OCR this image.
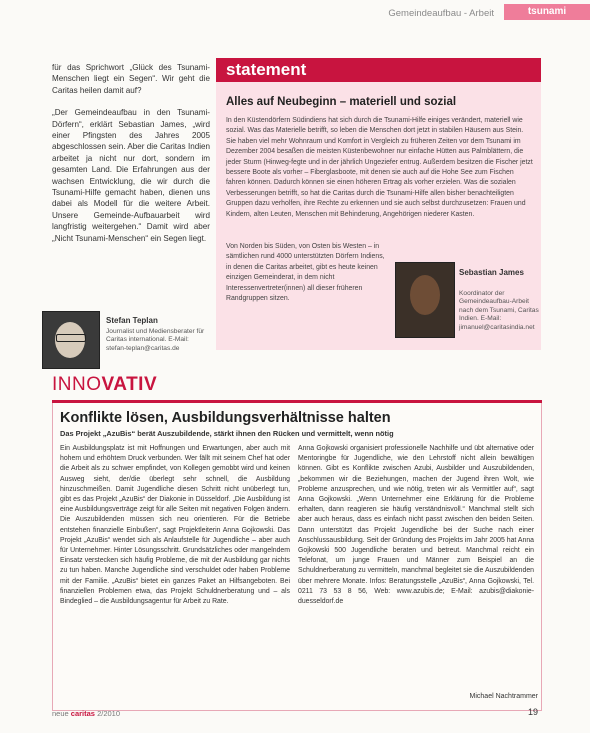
Gemeindeaufbau - Arbeit	tsunami

für das Sprichwort „Glück des Tsunami-Menschen liegt ein Segen“. Wir geht die Caritas heilen damit auf?

„Der Gemeindeaufbau in den Tsunami-Dörfern“, erklärt Sebastian James, „wird einer Pfingsten des Jahres 2005 abgeschlossen sein. Aber die Caritas Indien arbeitet ja nicht nur dort, sondern im gesamten Land. Die Erfahrungen aus der wachsen Entwicklung, die wir durch die Tsunami-Hilfe gemacht haben, dienen uns dabei als Modell für die weitere Arbeit. Unsere Gemeinde-Aufbauarbeit wird langfristig weitergehen.“ Damit wird aber „Nicht Tsunami-Menschen“ ein Segen liegt.

Stefan Teplan
Journalist und Mediensberater für Caritas international. E-Mail: stefan-teplan@caritas.de
statement
Alles auf Neubeginn – materiell und sozial

In den Küstendörfern Südindiens hat sich durch die Tsunami-Hilfe einiges verändert, materiell wie sozial. Was das Materielle betrifft, so leben die Menschen dort jetzt in stabilen Häusern aus Stein. Sie haben viel mehr Wohnraum und Komfort in Vergleich zu früheren Zeiten vor dem Tsunami im Dezember 2004 besaßen die meisten Küstenbewohner nur einfache Hütten aus Palmblättern, die jeder Sturm (Hinweg-fegte und in der jährlich Ungeziefer entrug. Außerdem besitzen die Fischer jetzt bessere Boote als vorher – Fiberglasboote, mit denen sie auch auf die Hohe See zum Fischen fahren können. Dadurch können sie einen höheren Ertrag als vorher erzielen. Was die sozialen Verbesserungen betrifft, so hat die Caritas durch die Tsunami-Hilfe allen bisher benachteiligten Gruppen dazu verholfen, ihre Rechte zu erkennen und sie auch selbst durchzusetzen: Frauen und Kindern, alten Leuten, Menschen mit Behinderung, Angehörigen niederer Kasten.

Von Norden bis Süden, von Osten bis Westen – in sämtlichen rund 4000 unterstützten Dörfern Indiens, in denen die Caritas arbeitet, gibt es heute keinen einzigen Gemeinderat, in dem nicht Interessenvertreter(innen) all dieser früheren Randgruppen sitzen.
Sebastian James
Koordinator der Gemeindeaufbau-Arbeit nach dem Tsunami, Caritas Indien. E-Mail: jimanuel@caritasindia.net
INNOVATIV
Konflikte lösen, Ausbildungsverhältnisse halten
Das Projekt „AzuBis“ berät Auszubildende, stärkt ihnen den Rücken und vermittelt, wenn nötig

Ein Ausbildungsplatz ist mit Hoffnungen und Erwartungen, aber auch mit hohem und erhöhtem Druck verbunden. Wer fällt mit seinem Chef hat oder die Arbeit als zu schwer empfindet, von Kollegen gemobbt wird und keinen Ausweg sieht, der/die überlegt sehr schnell, die Ausbildung hinzuschmeißen. Damit Jugendliche diesen Schritt nicht unüberlegt tun, gibt es das Projekt „AzuBis“ der Diakonie in Düsseldorf. „Die Ausbildung ist eine Ausbildungsverträge zeigt für alle Seiten mit negativen Folgen ändern. Die Auszubildenden müssen sich neu orientieren. Für die Betriebe entstehen finanzielle Einbußen“, sagt Projektleiterin Anna Gojkowski. Das Projekt „AzuBis“ wendet sich als Anlaufstelle für Jugendliche – aber auch für Unternehmer. Hinter Lösungsschritt. Grundsätzliches oder mangelndem Einsatz verstecken sich häufig Probleme, die mit der Ausbildung gar nichts zu tun haben. Manche Jugendliche sind verschuldet oder haben Probleme mit der Familie. „AzuBis“ bietet ein ganzes Paket an Hilfsangeboten. Bei finanziellen Problemen etwa, das Projekt Schuldnerberatung und – als Bindeglied – die Ausbildungsagentur für Arbeit zu Rate.

Anna Gojkowski organisiert professionelle Nachhilfe und übt alternative oder Mentoringbe für Jugendliche, wie den Lehrstoff nicht allein bewältigen können. Gibt es Konflikte zwischen Azubi, Ausbilder und Auszubildenden, „bekommen wir die Beziehungen, machen der Jugend ihren Wolt, wie Probleme anzusprechen, und wie nötig, treten wir als Vermittler auf“, sagt Anna Gojkowski. „Wenn Unternehmer eine Erklärung für die Probleme erhalten, dann reagieren sie häufig verständnisvoll.“ Manchmal stellt sich aber auch heraus, dass es einfach nicht passt zwischen den beiden Seiten. Dann unterstützt das Projekt Jugendliche bei der Suche nach einer Anschlussausbildung. Seit der Gründung des Projekts im Jahr 2005 hat Anna Gojkowski 500 Jugendliche beraten und betreut. Manchmal reicht ein Telefonat, um junge Frauen und Männer zum Beispiel an die Schuldnerberatung zu vermitteln, manchmal begleitet sie die Auszubildenden über mehrere Monate. Infos: Beratungsstelle „AzuBis“, Anna Gojkowski, Tel. 0211 73 53 8 56, Web: www.azubis.de; E-Mail: azubis@diakonie-duesseldorf.de

Michael Nachtrammer
neue caritas 2/2010	19
